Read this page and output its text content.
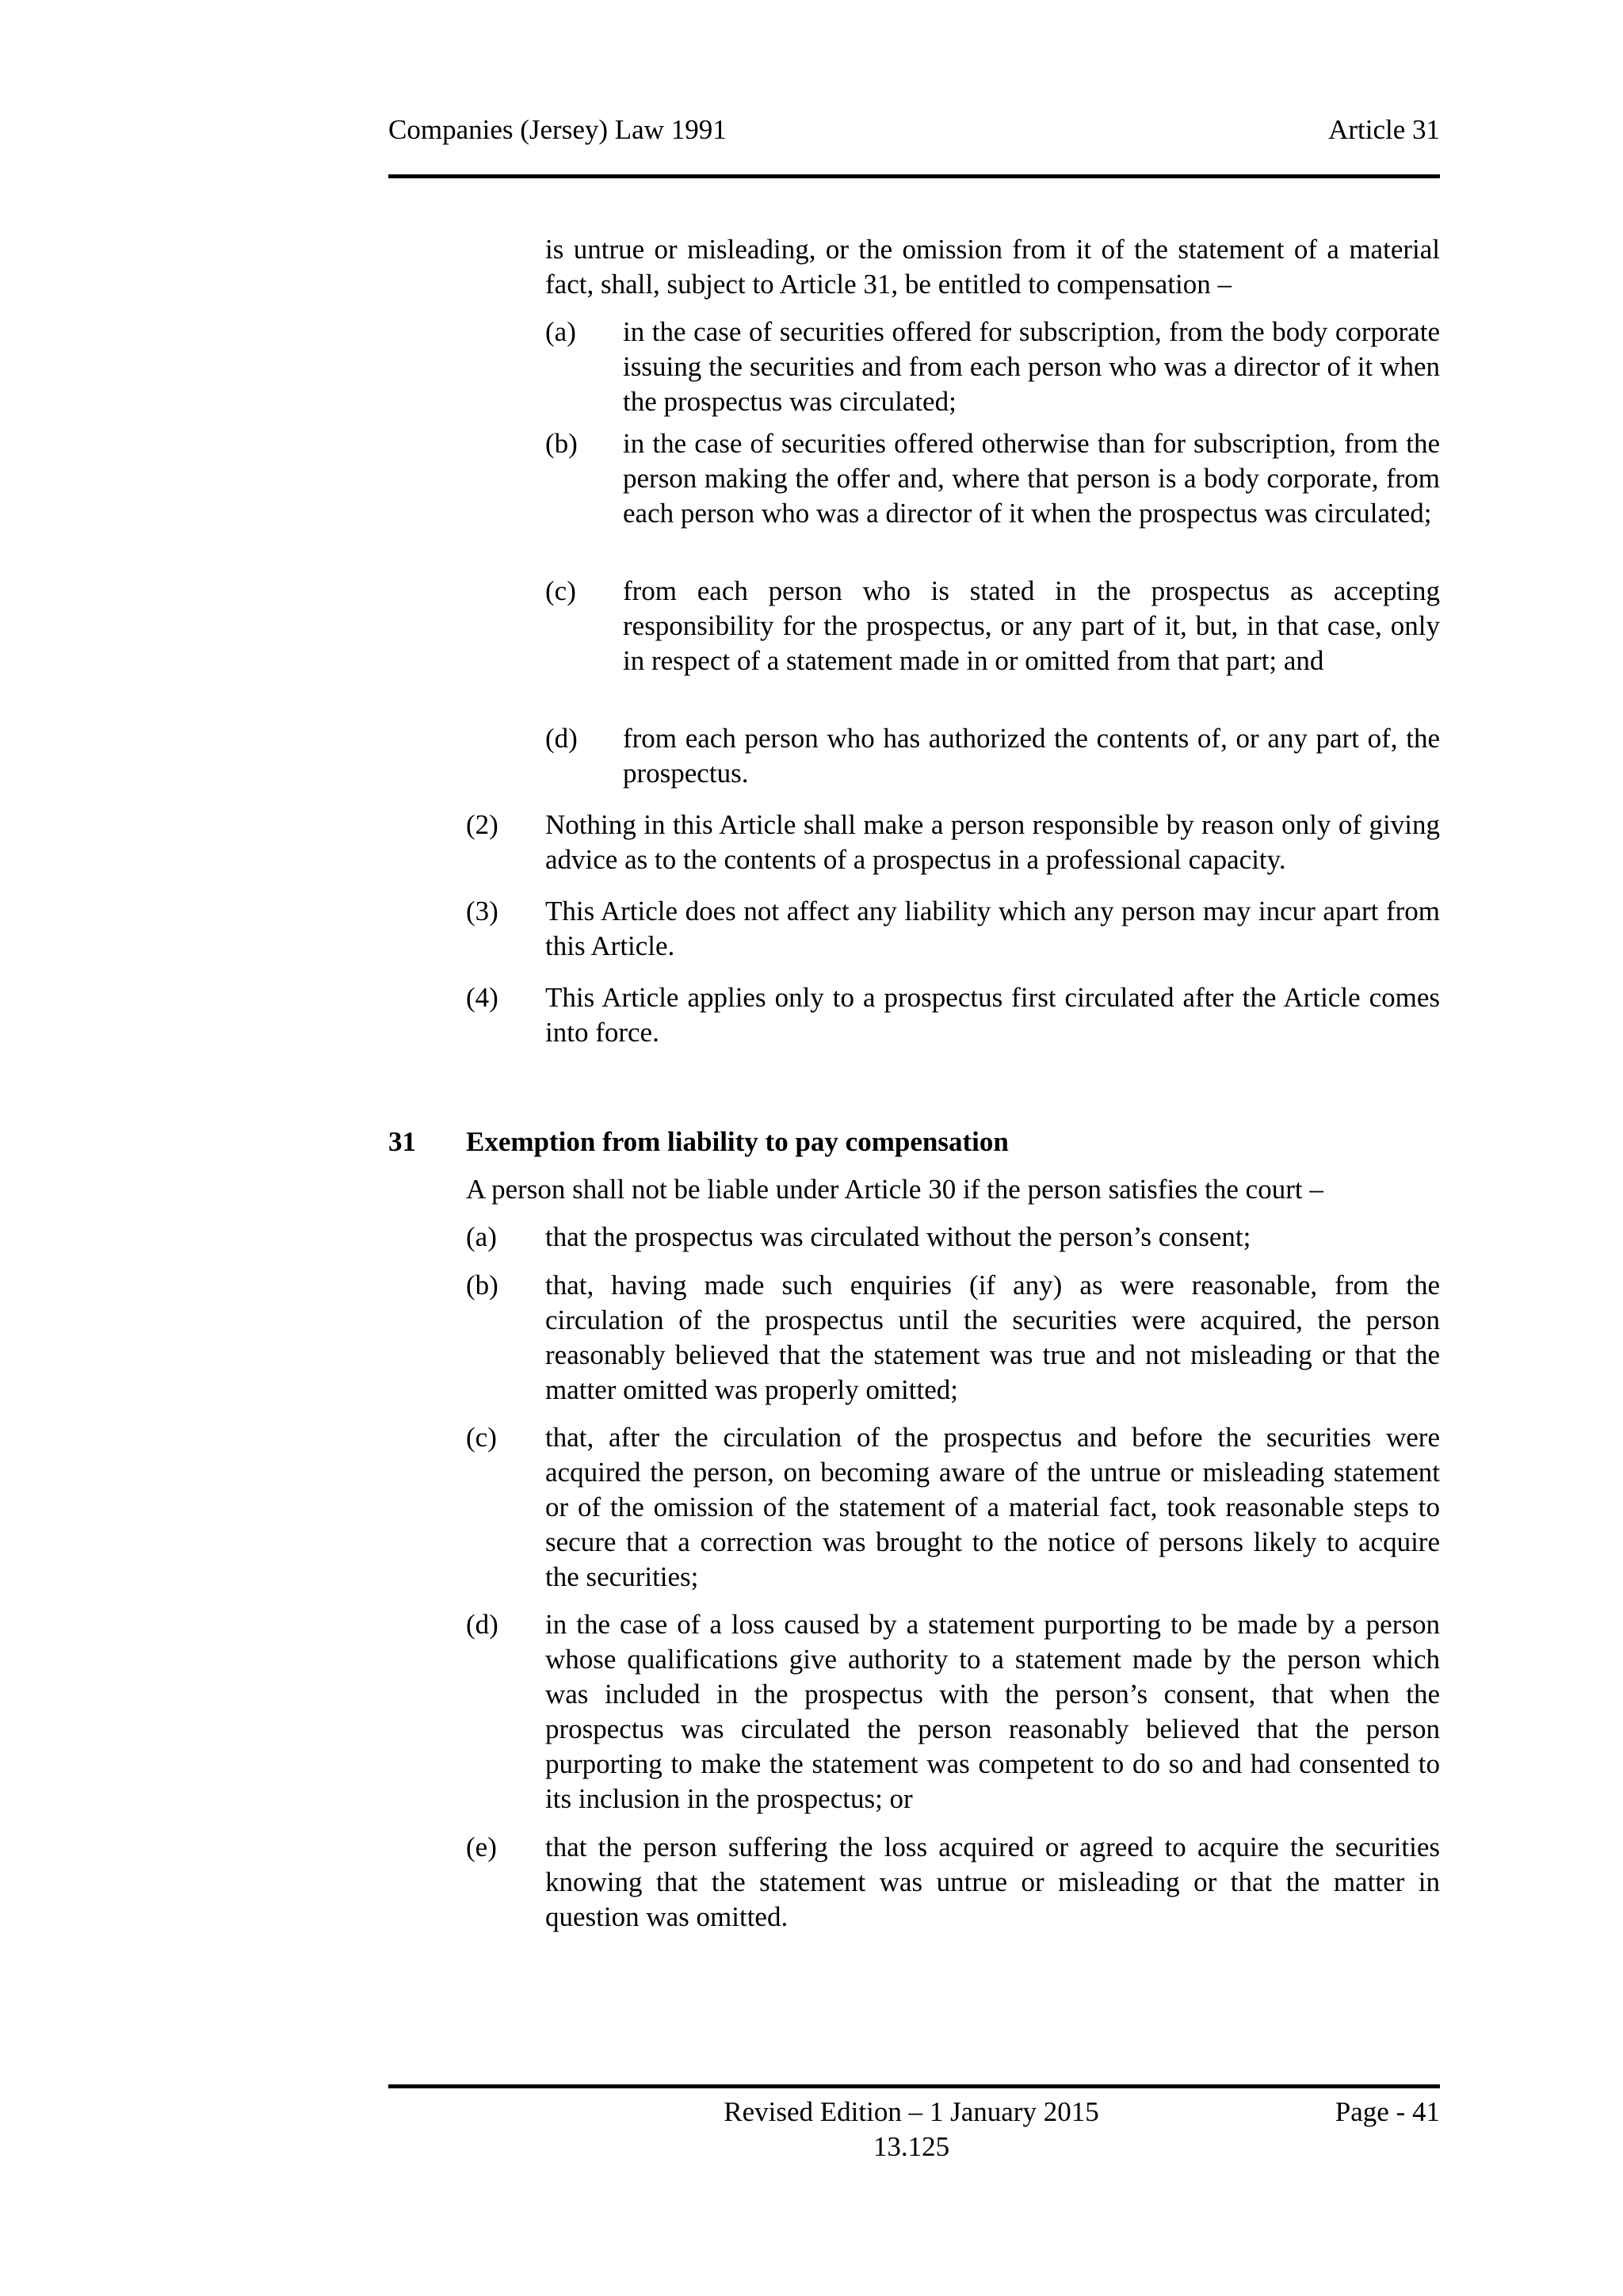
Companies (Jersey) Law 1991	Article 31
is untrue or misleading, or the omission from it of the statement of a material fact, shall, subject to Article 31, be entitled to compensation –
(a) in the case of securities offered for subscription, from the body corporate issuing the securities and from each person who was a director of it when the prospectus was circulated;
(b) in the case of securities offered otherwise than for subscription, from the person making the offer and, where that person is a body corporate, from each person who was a director of it when the prospectus was circulated;
(c) from each person who is stated in the prospectus as accepting responsibility for the prospectus, or any part of it, but, in that case, only in respect of a statement made in or omitted from that part; and
(d) from each person who has authorized the contents of, or any part of, the prospectus.
(2) Nothing in this Article shall make a person responsible by reason only of giving advice as to the contents of a prospectus in a professional capacity.
(3) This Article does not affect any liability which any person may incur apart from this Article.
(4) This Article applies only to a prospectus first circulated after the Article comes into force.
31 Exemption from liability to pay compensation
A person shall not be liable under Article 30 if the person satisfies the court –
(a) that the prospectus was circulated without the person’s consent;
(b) that, having made such enquiries (if any) as were reasonable, from the circulation of the prospectus until the securities were acquired, the person reasonably believed that the statement was true and not misleading or that the matter omitted was properly omitted;
(c) that, after the circulation of the prospectus and before the securities were acquired the person, on becoming aware of the untrue or misleading statement or of the omission of the statement of a material fact, took reasonable steps to secure that a correction was brought to the notice of persons likely to acquire the securities;
(d) in the case of a loss caused by a statement purporting to be made by a person whose qualifications give authority to a statement made by the person which was included in the prospectus with the person’s consent, that when the prospectus was circulated the person reasonably believed that the person purporting to make the statement was competent to do so and had consented to its inclusion in the prospectus; or
(e) that the person suffering the loss acquired or agreed to acquire the securities knowing that the statement was untrue or misleading or that the matter in question was omitted.
Revised Edition – 1 January 2015
13.125
Page - 41
